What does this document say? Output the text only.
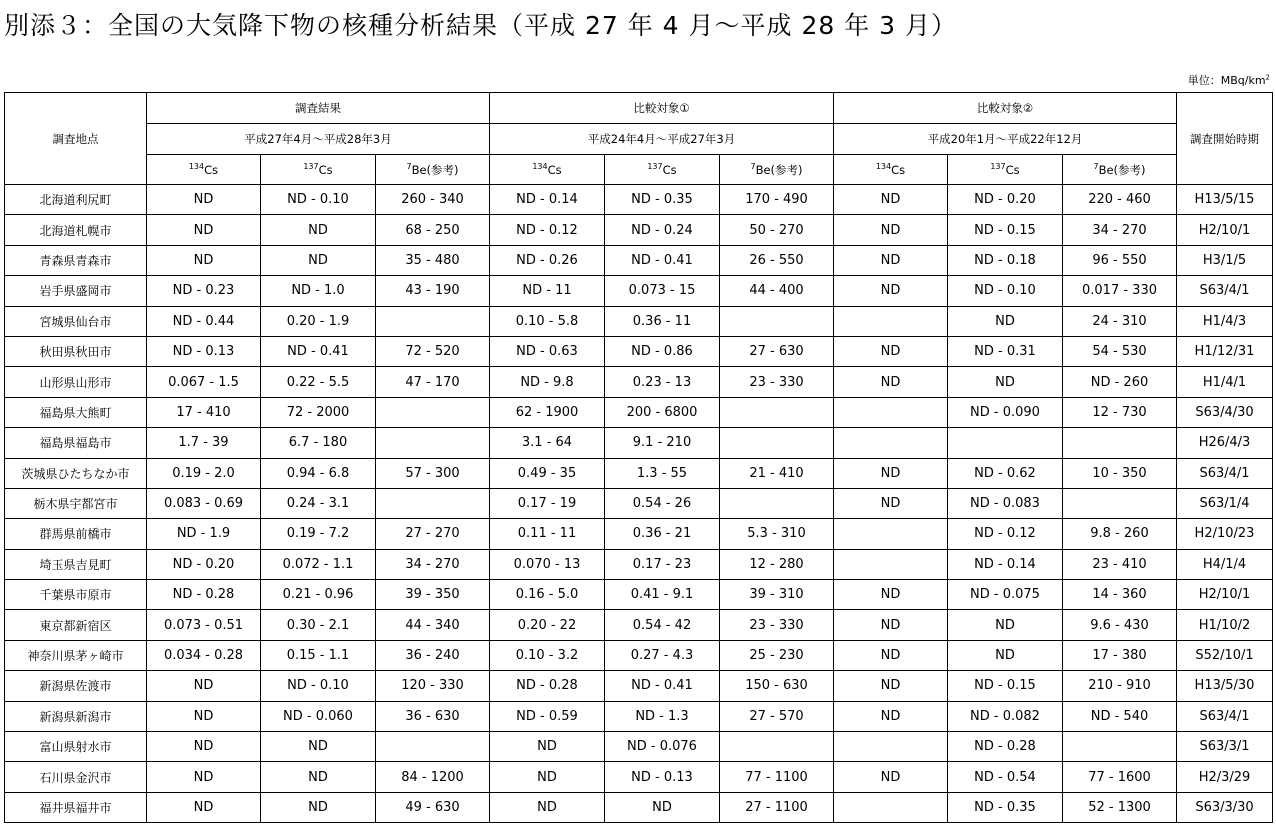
別添３：全国の大気降下物の核種分析結果（平成 27 年 4 月～平成 28 年 3 月）
単位：MBq/$km^2$
調査地点	調査結果			比較対象①			比較対象②			調査開始時期
	平成27年4月～平成28年3月			平成24年4月～平成27年3月			平成20年1月～平成22年12月			
	$^{134}$Cs	$^{137}$Cs	$^7$Be(参考)	$^{134}$Cs	$^{137}$Cs	$^7$Be(参考)	$^{134}$Cs	$^{137}$Cs	$^7$Be(参考)	
北海道利尻町	ND	ND - 0.10	260 - 340	ND - 0.14	ND - 0.35	170 - 490	ND	ND - 0.20	220 - 460	H13/5/15
北海道札幌市	ND	ND	68 - 250	ND - 0.12	ND - 0.24	50 - 270	ND	ND - 0.15	34 - 270	H2/10/1
青森県青森市	ND	ND	35 - 480	ND - 0.26	ND - 0.41	26 - 550	ND	ND - 0.18	96 - 550	H3/1/5
岩手県盛岡市	ND - 0.23	ND - 1.0	43 - 190	ND - 11	0.073 - 15	44 - 400	ND	ND - 0.10	0.017 - 330	S63/4/1
宮城県仙台市	ND - 0.44	0.20 - 1.9		0.10 - 5.8	0.36 - 11			ND	24 - 310	H1/4/3
秋田県秋田市	ND - 0.13	ND - 0.41	72 - 520	ND - 0.63	ND - 0.86	27 - 630	ND	ND - 0.31	54 - 530	H1/12/31
山形県山形市	0.067 - 1.5	0.22 - 5.5	47 - 170	ND - 9.8	0.23 - 13	23 - 330	ND	ND	ND - 260	H1/4/1
福島県大熊町	17 - 410	72 - 2000		62 - 1900	200 - 6800			ND - 0.090	12 - 730	S63/4/30
福島県福島市	1.7 - 39	6.7 - 180		3.1 - 64	9.1 - 210					H26/4/3
茨城県ひたちなか市	0.19 - 2.0	0.94 - 6.8	57 - 300	0.49 - 35	1.3 - 55	21 - 410	ND	ND - 0.62	10 - 350	S63/4/1
栃木県宇都宮市	0.083 - 0.69	0.24 - 3.1		0.17 - 19	0.54 - 26		ND	ND - 0.083		S63/1/4
群馬県前橋市	ND - 1.9	0.19 - 7.2	27 - 270	0.11 - 11	0.36 - 21	5.3 - 310		ND - 0.12	9.8 - 260	H2/10/23
埼玉県吉見町	ND - 0.20	0.072 - 1.1	34 - 270	0.070 - 13	0.17 - 23	12 - 280		ND - 0.14	23 - 410	H4/1/4
千葉県市原市	ND - 0.28	0.21 - 0.96	39 - 350	0.16 - 5.0	0.41 - 9.1	39 - 310	ND	ND - 0.075	14 - 360	H2/10/1
東京都新宿区	0.073 - 0.51	0.30 - 2.1	44 - 340	0.20 - 22	0.54 - 42	23 - 330	ND	ND	9.6 - 430	H1/10/2
神奈川県茅ヶ崎市	0.034 - 0.28	0.15 - 1.1	36 - 240	0.10 - 3.2	0.27 - 4.3	25 - 230	ND	ND	17 - 380	S52/10/1
新潟県佐渡市	ND	ND - 0.10	120 - 330	ND - 0.28	ND - 0.41	150 - 630	ND	ND - 0.15	210 - 910	H13/5/30
新潟県新潟市	ND	ND - 0.060	36 - 630	ND - 0.59	ND - 1.3	27 - 570	ND	ND - 0.082	ND - 540	S63/4/1
富山県射水市	ND	ND		ND	ND - 0.076			ND - 0.28		S63/3/1
石川県金沢市	ND	ND	84 - 1200	ND	ND - 0.13	77 - 1100	ND	ND - 0.54	77 - 1600	H2/3/29
福井県福井市	ND	ND	49 - 630	ND	ND	27 - 1100		ND - 0.35	52 - 1300	S63/3/30
